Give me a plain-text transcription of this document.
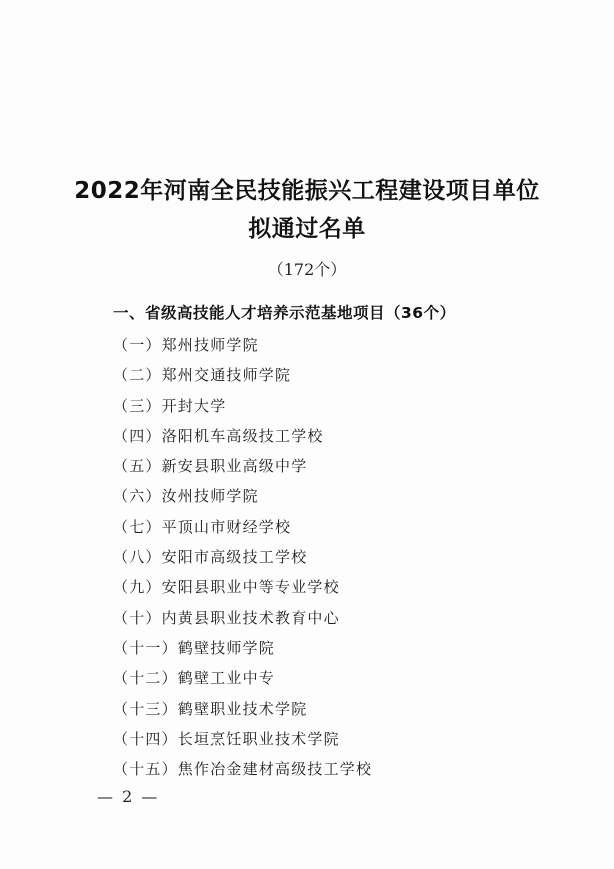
2022年河南全民技能振兴工程建设项目单位
拟通过名单
（172个）
一、省级高技能人才培养示范基地项目（36个）
（一）郑州技师学院
（二）郑州交通技师学院
（三）开封大学
（四）洛阳机车高级技工学校
（五）新安县职业高级中学
（六）汝州技师学院
（七）平顶山市财经学校
（八）安阳市高级技工学校
（九）安阳县职业中等专业学校
（十）内黄县职业技术教育中心
（十一）鹤壁技师学院
（十二）鹤壁工业中专
（十三）鹤壁职业技术学院
（十四）长垣烹饪职业技术学院
（十五）焦作冶金建材高级技工学校
— 2 —
